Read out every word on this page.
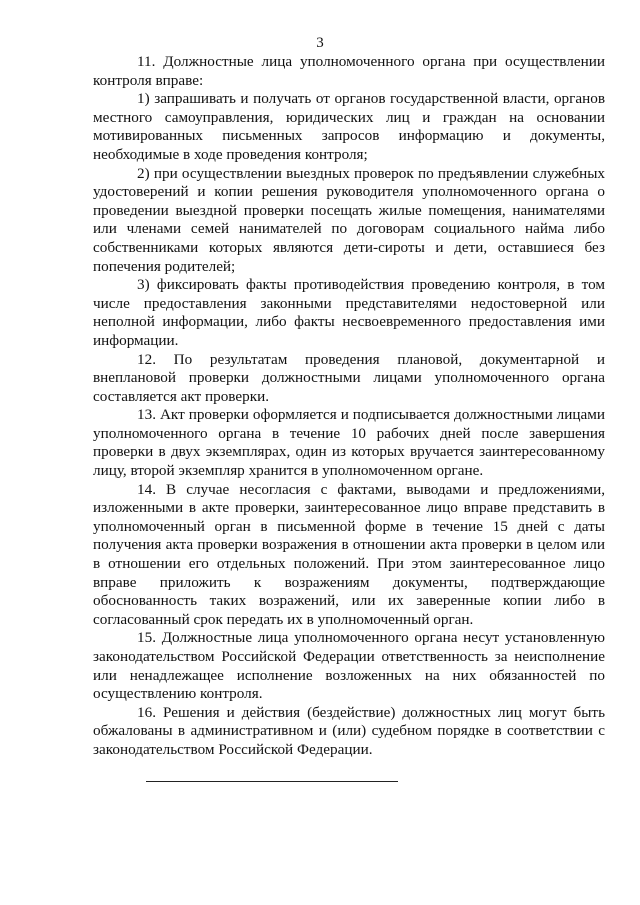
3

11. Должностные лица уполномоченного органа при осуществлении контроля вправе:

1) запрашивать и получать от органов государственной власти, органов местного самоуправления, юридических лиц и граждан на основании мотивированных письменных запросов информацию и документы, необходимые в ходе проведения контроля;

2) при осуществлении выездных проверок по предъявлении служебных удостоверений и копии решения руководителя уполномоченного органа о проведении выездной проверки посещать жилые помещения, нанимателями или членами семей нанимателей по договорам социального найма либо собственниками которых являются дети-сироты и дети, оставшиеся без попечения родителей;

3) фиксировать факты противодействия проведению контроля, в том числе предоставления законными представителями недостоверной или неполной информации, либо факты несвоевременного предоставления ими информации.

12. По результатам проведения плановой, документарной и внеплановой проверки должностными лицами уполномоченного органа составляется акт проверки.

13. Акт проверки оформляется и подписывается должностными лицами уполномоченного органа в течение 10 рабочих дней после завершения проверки в двух экземплярах, один из которых вручается заинтересованному лицу, второй экземпляр хранится в уполномоченном органе.

14. В случае несогласия с фактами, выводами и предложениями, изложенными в акте проверки, заинтересованное лицо вправе представить в уполномоченный орган в письменной форме в течение 15 дней с даты получения акта проверки возражения в отношении акта проверки в целом или в отношении его отдельных положений. При этом заинтересованное лицо вправе приложить к возражениям документы, подтверждающие обоснованность таких возражений, или их заверенные копии либо в согласованный срок передать их в уполномоченный орган.

15. Должностные лица уполномоченного органа несут установленную законодательством Российской Федерации ответственность за неисполнение или ненадлежащее исполнение возложенных на них обязанностей по осуществлению контроля.

16. Решения и действия (бездействие) должностных лиц могут быть обжалованы в административном и (или) судебном порядке в соответствии с законодательством Российской Федерации.
